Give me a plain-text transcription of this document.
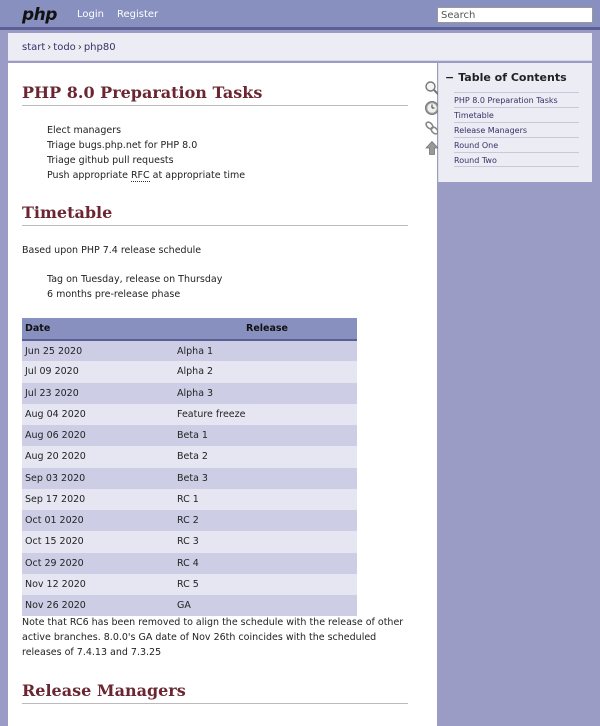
php Login Register
Search
start › todo › php80
PHP 8.0 Preparation Tasks
Elect managers
Triage bugs.php.net for PHP 8.0
Triage github pull requests
Push appropriate RFC at appropriate time
Timetable
Based upon PHP 7.4 release schedule
Tag on Tuesday, release on Thursday
6 months pre-release phase
Date	Release
Jun 25 2020	Alpha 1
Jul 09 2020	Alpha 2
Jul 23 2020	Alpha 3
Aug 04 2020	Feature freeze
Aug 06 2020	Beta 1
Aug 20 2020	Beta 2
Sep 03 2020	Beta 3
Sep 17 2020	RC 1
Oct 01 2020	RC 2
Oct 15 2020	RC 3
Oct 29 2020	RC 4
Nov 12 2020	RC 5
Nov 26 2020	GA
Note that RC6 has been removed to align the schedule with the release of other active branches. 8.0.0's GA date of Nov 26th coincides with the scheduled releases of 7.4.13 and 7.3.25
Release Managers
− Table of Contents
PHP 8.0 Preparation Tasks
Timetable
Release Managers
Round One
Round Two
